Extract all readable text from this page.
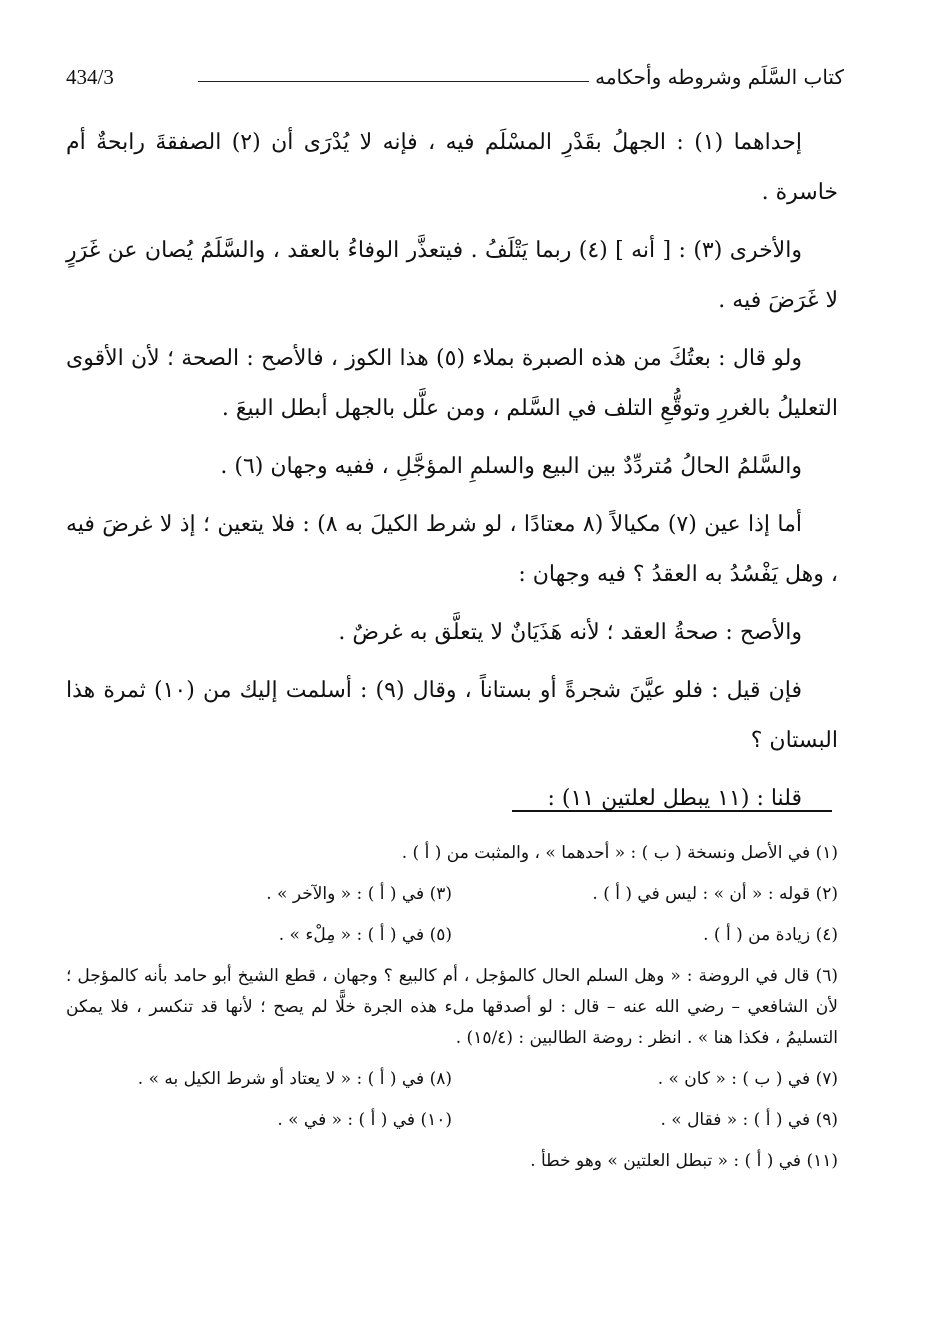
434/3	كتاب السَّلَم وشروطه وأحكامه

إحداهما (١) : الجهلُ بقَدْرِ المسْلَم فيه ، فإنه لا يُدْرَى أن (٢) الصفقةَ رابحةٌ أم خاسرة .

والأخرى (٣) : [ أنه ] (٤) ربما يَتْلَفُ . فيتعذَّر الوفاءُ بالعقد ، والسَّلَمُ يُصان عن غَرَرٍ لا غَرَضَ فيه .

ولو قال : بعتُكَ من هذه الصبرة بملاء (٥) هذا الكوز ، فالأصح : الصحة ؛ لأن الأقوى التعليلُ بالغررِ وتوقُّعِ التلف في السَّلم ، ومن علَّل بالجهل أبطل البيعَ .

والسَّلمُ الحالُ مُتردِّدٌ بين البيع والسلمِ المؤجَّلِ ، ففيه وجهان (٦) .

أما إذا عين (٧) مكيالاً (٨ معتادًا ، لو شرط الكيلَ به ٨) : فلا يتعين ؛ إذ لا غرضَ فيه ، وهل يَفْسُدُ به العقدُ ؟ فيه وجهان :

والأصح : صحةُ العقد ؛ لأنه هَذَيَانٌ لا يتعلَّق به غرضٌ .

فإن قيل : فلو عيَّنَ شجرةً أو بستاناً ، وقال (٩) : أسلمت إليك من (١٠) ثمرة هذا البستان ؟

قلنا : (١١ يبطل لعلتين ١١) :

(١) في الأصل ونسخة ( ب ) : « أحدهما » ، والمثبت من ( أ ) .
(٢) قوله : « أن » : ليس في ( أ ) .
(٣) في ( أ ) : « والآخر » .
(٤) زيادة من ( أ ) .
(٥) في ( أ ) : « مِلْء » .
(٦) قال في الروضة : « وهل السلم الحال كالمؤجل ، أم كالبيع ؟ وجهان ، قطع الشيخ أبو حامد بأنه كالمؤجل ؛ لأن الشافعي – رضي الله عنه – قال : لو أصدقها ملء هذه الجرة خلًّا لم يصح ؛ لأنها قد تنكسر ، فلا يمكن التسليمُ ، فكذا هنا » . انظر : روضة الطالبين : (١٥/٤) .
(٧) في ( ب ) : « كان » .
(٨) في ( أ ) : « لا يعتاد أو شرط الكيل به » .
(٩) في ( أ ) : « فقال » .
(١٠) في ( أ ) : « في » .
(١١) في ( أ ) : « تبطل العلتين » وهو خطأ .
